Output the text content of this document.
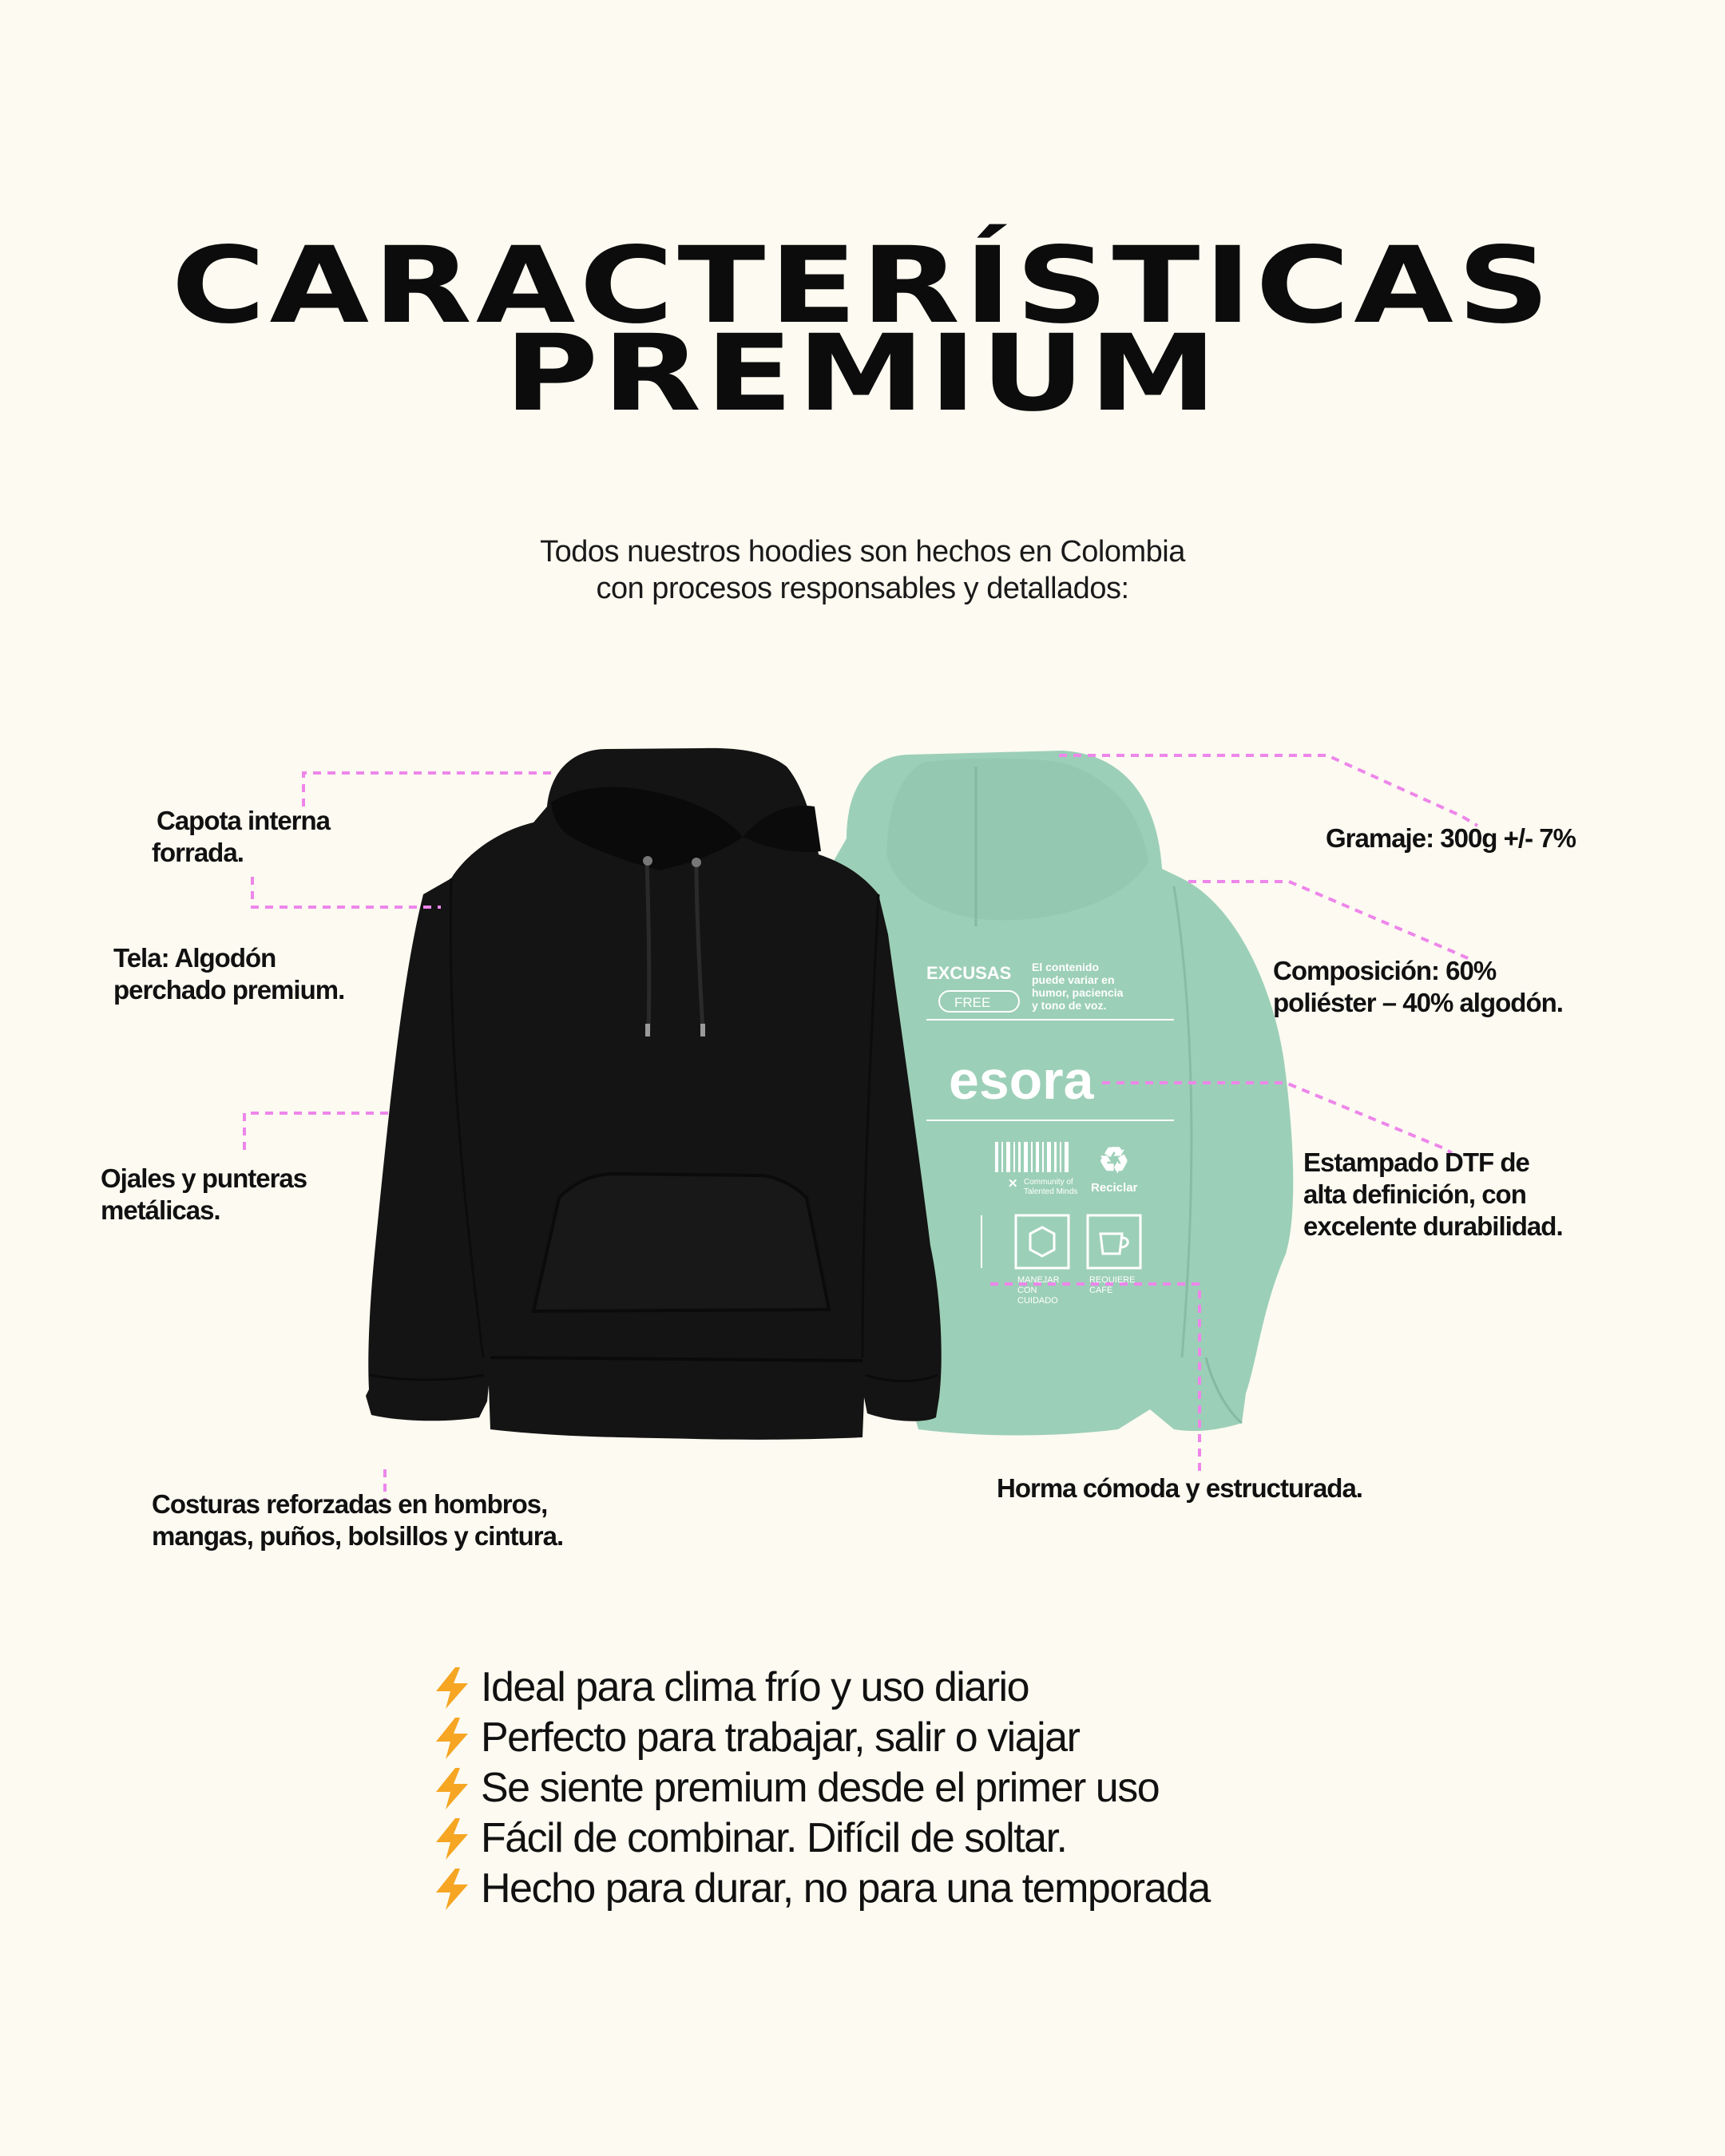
CARACTERÍSTICAS
PREMIUM
Todos nuestros hoodies son hechos en Colombia
con procesos responsables y detallados:
EXCUSAS
FREE
El contenido
puede variar en
humor, paciencia
y tono de voz.
esora
✕ Community of
Talented Minds
♻
Reciclar
MANEJAR
CON
CUIDADO
REQUIERE
CAFÉ
Capota interna
forrada.
Tela: Algodón
perchado premium.
Ojales y punteras
metálicas.
Costuras reforzadas en hombros,
mangas, puños, bolsillos y cintura.
Gramaje: 300g +/- 7%
Composición: 60%
poliéster – 40% algodón.
Estampado DTF de
alta definición, con
excelente durabilidad.
Horma cómoda y estructurada.
Ideal para clima frío y uso diario
Perfecto para trabajar, salir o viajar
Se siente premium desde el primer uso
Fácil de combinar. Difícil de soltar.
Hecho para durar, no para una temporada
